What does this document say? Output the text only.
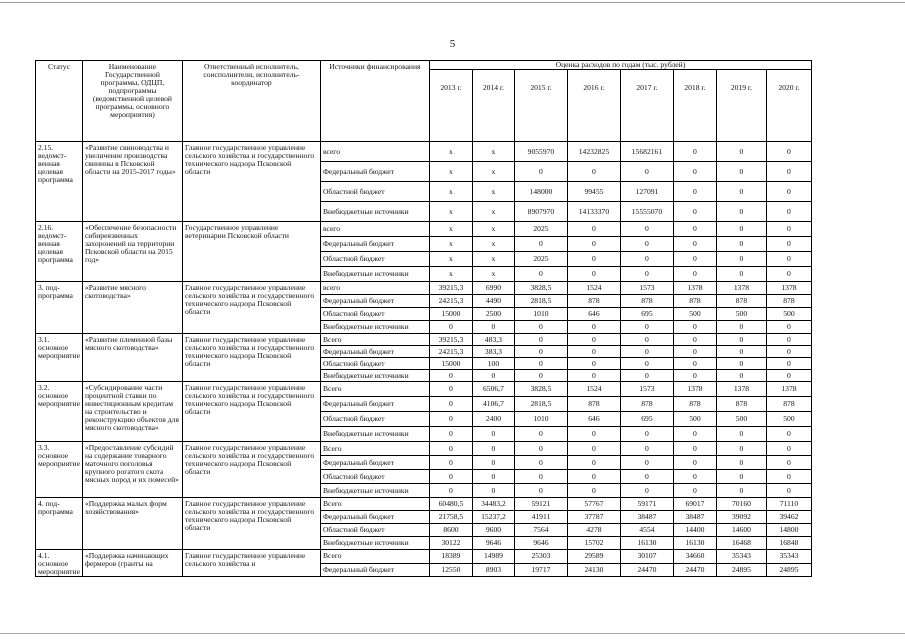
5
Статус	Наименование Государственной программы, ОДЦП, подпрограммы (ведомственной целевой программы, основного мероприятия)	Ответственный исполнитель, соисполнители, исполнитель-координатор	Источники финансирования	Оценка расходов по годам (тыс. рублей)							
				2013 г.	2014 г.	2015 г.	2016 г.	2017 г.	2018 г.	2019 г.	2020 г.
2.15. ведомст-венная целевая программа	«Развитие свиноводства и увеличение производства свинины в Псковской области на 2015-2017 годы»	Главное государственное управление сельского хозяйства и государственного технического надзора Псковской области	всего	х	х	9055970	14232825	15682161	0	0	0
			Федеральный бюджет	х	х	0	0	0	0	0	0
			Областной бюджет	х	х	148000	99455	127091	0	0	0
			Внебюджетные источники	х	х	8907970	14133370	15555070	0	0	0
2.16. ведомст-венная целевая программа	«Обеспечение безопасности сибиреязвенных захоронений на территории Псковской области на 2015 год»	Государственное управление ветеринарии Псковской области	всего	х	х	2025	0	0	0	0	0
			Федеральный бюджет	х	х	0	0	0	0	0	0
			Областной бюджет	х	х	2025	0	0	0	0	0
			Внебюджетные источники	х	х	0	0	0	0	0	0
3. под-программа	«Развитие мясного скотоводства»	Главное государственное управление сельского хозяйства и государственного технического надзора Псковской области	всего	39215,3	6990	3828,5	1524	1573	1378	1378	1378
			Федеральный бюджет	24215,3	4490	2818,5	878	878	878	878	878
			Областной бюджет	15000	2500	1010	646	695	500	500	500
			Внебюджетные источники	0	0	0	0	0	0	0	0
3.1. основное мероприятие	«Развитие племенной базы мясного скотоводства»	Главное государственное управление сельского хозяйства и государственного технического надзора Псковской области	Всего	39215,3	483,3	0	0	0	0	0	0
			Федеральный бюджет	24215,3	383,3	0	0	0	0	0	0
			Областной бюджет	15000	100	0	0	0	0	0	0
			Внебюджетные источники	0	0	0	0	0	0	0	0
3.2. основное мероприятие	«Субсидирование части процентной ставки по инвестиционным кредитам на строительство и реконструкцию объектов для мясного скотоводства»	Главное государственное управление сельского хозяйства и государственного технического надзора Псковской области	Всего	0	6506,7	3828,5	1524	1573	1378	1378	1378
			Федеральный бюджет	0	4106,7	2818,5	878	878	878	878	878
			Областной бюджет	0	2400	1010	646	695	500	500	500
			Внебюджетные источники	0	0	0	0	0	0	0	0
3.3. основное мероприятие	«Предоставление субсидий на содержание товарного маточного поголовья крупного рогатого скота мясных пород и их помесей»	Главное государственное управление сельского хозяйства и государственного технического надзора Псковской области	Всего	0	0	0	0	0	0	0	0
			Федеральный бюджет	0	0	0	0	0	0	0	0
			Областной бюджет	0	0	0	0	0	0	0	0
			Внебюджетные источники	0	0	0	0	0	0	0	0
4. под-программа	«Поддержка малых форм хозяйствования»	Главное государственное управление сельского хозяйства и государственного технического надзора Псковской области	Всего	60480,5	34483,2	59121	57767	59171	69017	70160	71110
			Федеральный бюджет	21758,5	15237,2	41911	37787	38487	38487	39092	39462
			Областной бюджет	8600	9600	7564	4278	4554	14400	14600	14800
			Внебюджетные источники	30122	9646	9646	15702	16130	16130	16468	16848
4.1. основное мероприятие	«Поддержка начинающих фермеров (гранты на	Главное государственное управление сельского хозяйства и	Всего	18389	14989	25303	29589	30107	34660	35343	35343
			Федеральный бюджет	12550	8903	19717	24130	24470	24470	24895	24895
